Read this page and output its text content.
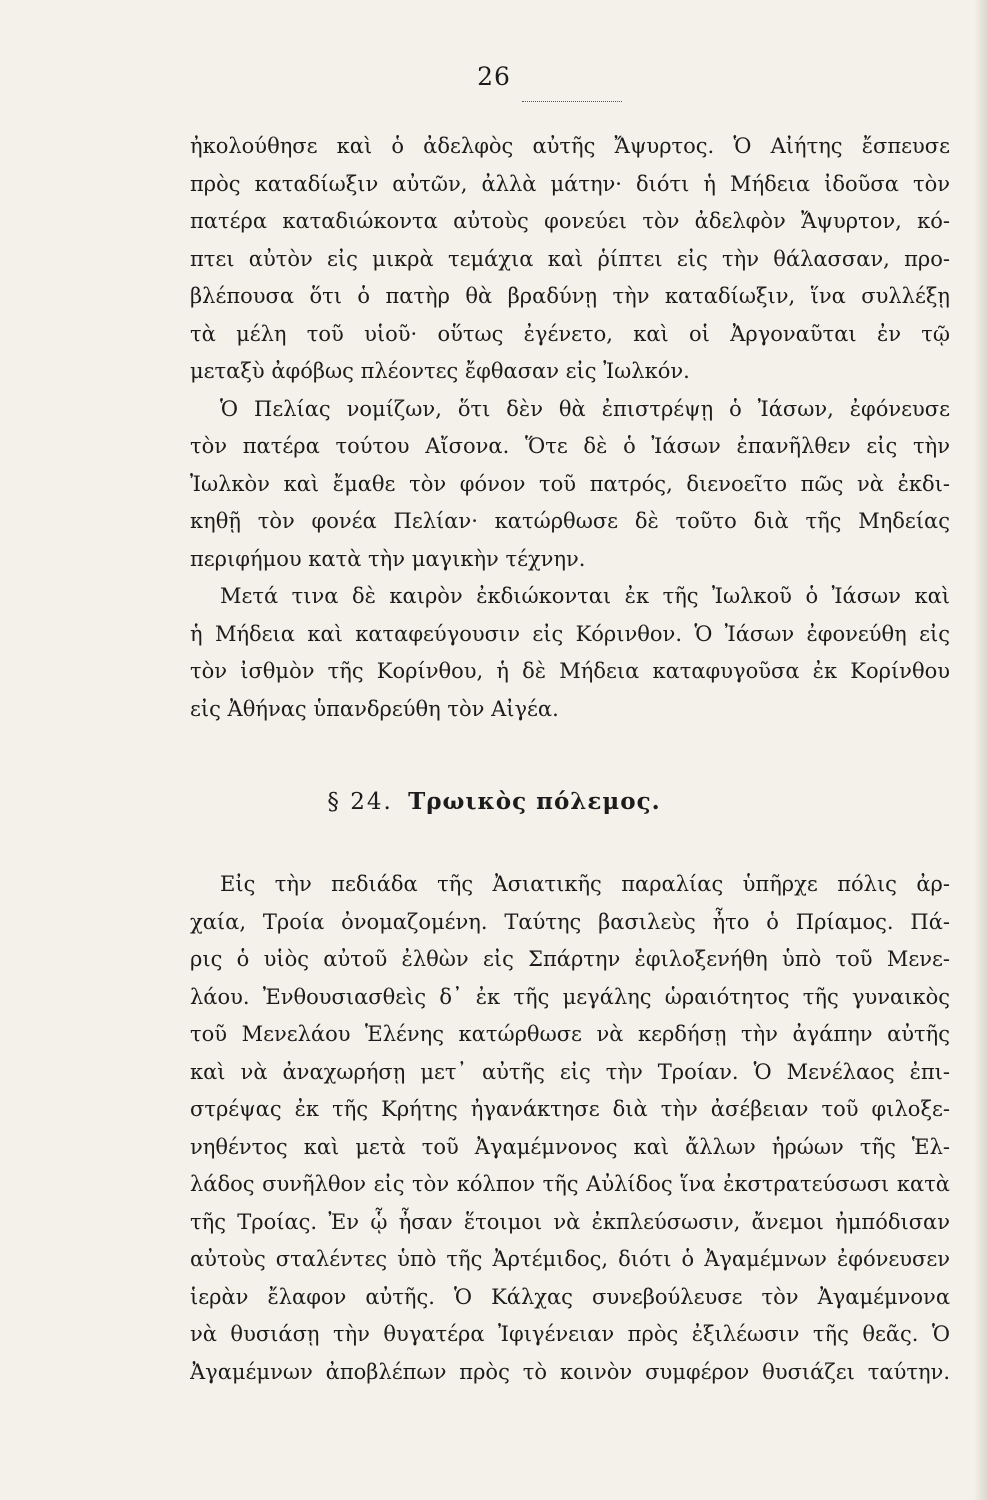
26
ἠκολούθησε καὶ ὁ ἀδελφὸς αὐτῆς Ἄψυρτος. Ὁ Αἰήτης ἔσπευσε
πρὸς καταδίωξιν αὐτῶν, ἀλλὰ μάτην· διότι ἡ Μήδεια ἰδοῦσα τὸν
πατέρα καταδιώκοντα αὐτοὺς φονεύει τὸν ἀδελφὸν Ἄψυρτον, κό-
πτει αὐτὸν εἰς μικρὰ τεμάχια καὶ ῥίπτει εἰς τὴν θάλασσαν, προ-
βλέπουσα ὅτι ὁ πατὴρ θὰ βραδύνῃ τὴν καταδίωξιν, ἵνα συλλέξῃ
τὰ μέλη τοῦ υἱοῦ· οὕτως ἐγένετο, καὶ οἱ Ἀργοναῦται ἐν τῷ
μεταξὺ ἀφόβως πλέοντες ἔφθασαν εἰς Ἰωλκόν.
Ὁ Πελίας νομίζων, ὅτι δὲν θὰ ἐπιστρέψῃ ὁ Ἰάσων, ἐφόνευσε
τὸν πατέρα τούτου Αἴσονα. Ὅτε δὲ ὁ Ἰάσων ἐπανῆλθεν εἰς τὴν
Ἰωλκὸν καὶ ἔμαθε τὸν φόνον τοῦ πατρός, διενοεῖτο πῶς νὰ ἐκδι-
κηθῇ τὸν φονέα Πελίαν· κατώρθωσε δὲ τοῦτο διὰ τῆς Μηδείας
περιφήμου κατὰ τὴν μαγικὴν τέχνην.
Μετά τινα δὲ καιρὸν ἐκδιώκονται ἐκ τῆς Ἰωλκοῦ ὁ Ἰάσων καὶ
ἡ Μήδεια καὶ καταφεύγουσιν εἰς Κόρινθον. Ὁ Ἰάσων ἐφονεύθη εἰς
τὸν ἰσθμὸν τῆς Κορίνθου, ἡ δὲ Μήδεια καταφυγοῦσα ἐκ Κορίνθου
εἰς Ἀθήνας ὑπανδρεύθη τὸν Αἰγέα.
§ 24. Τρωικὸς πόλεμος.
Εἰς τὴν πεδιάδα τῆς Ἀσιατικῆς παραλίας ὑπῆρχε πόλις ἀρ-
χαία, Τροία ὀνομαζομένη. Ταύτης βασιλεὺς ἦτο ὁ Πρίαμος. Πά-
ρις ὁ υἱὸς αὐτοῦ ἐλθὼν εἰς Σπάρτην ἐφιλοξενήθη ὑπὸ τοῦ Μενε-
λάου. Ἐνθουσιασθεὶς δ᾽ ἐκ τῆς μεγάλης ὡραιότητος τῆς γυναικὸς
τοῦ Μενελάου Ἑλένης κατώρθωσε νὰ κερδήσῃ τὴν ἀγάπην αὐτῆς
καὶ νὰ ἀναχωρήσῃ μετ᾽ αὐτῆς εἰς τὴν Τροίαν. Ὁ Μενέλαος ἐπι-
στρέψας ἐκ τῆς Κρήτης ἠγανάκτησε διὰ τὴν ἀσέβειαν τοῦ φιλοξε-
νηθέντος καὶ μετὰ τοῦ Ἀγαμέμνονος καὶ ἄλλων ἡρώων τῆς Ἑλ-
λάδος συνῆλθον εἰς τὸν κόλπον τῆς Αὐλίδος ἵνα ἐκστρατεύσωσι κατὰ
τῆς Τροίας. Ἐν ᾧ ἦσαν ἕτοιμοι νὰ ἐκπλεύσωσιν, ἄνεμοι ἠμπόδισαν
αὐτοὺς σταλέντες ὑπὸ τῆς Ἀρτέμιδος, διότι ὁ Ἀγαμέμνων ἐφόνευσεν
ἱερὰν ἔλαφον αὐτῆς. Ὁ Κάλχας συνεβούλευσε τὸν Ἀγαμέμνονα
νὰ θυσιάσῃ τὴν θυγατέρα Ἰφιγένειαν πρὸς ἐξιλέωσιν τῆς θεᾶς. Ὁ
Ἀγαμέμνων ἀποβλέπων πρὸς τὸ κοινὸν συμφέρον θυσιάζει ταύτην.
